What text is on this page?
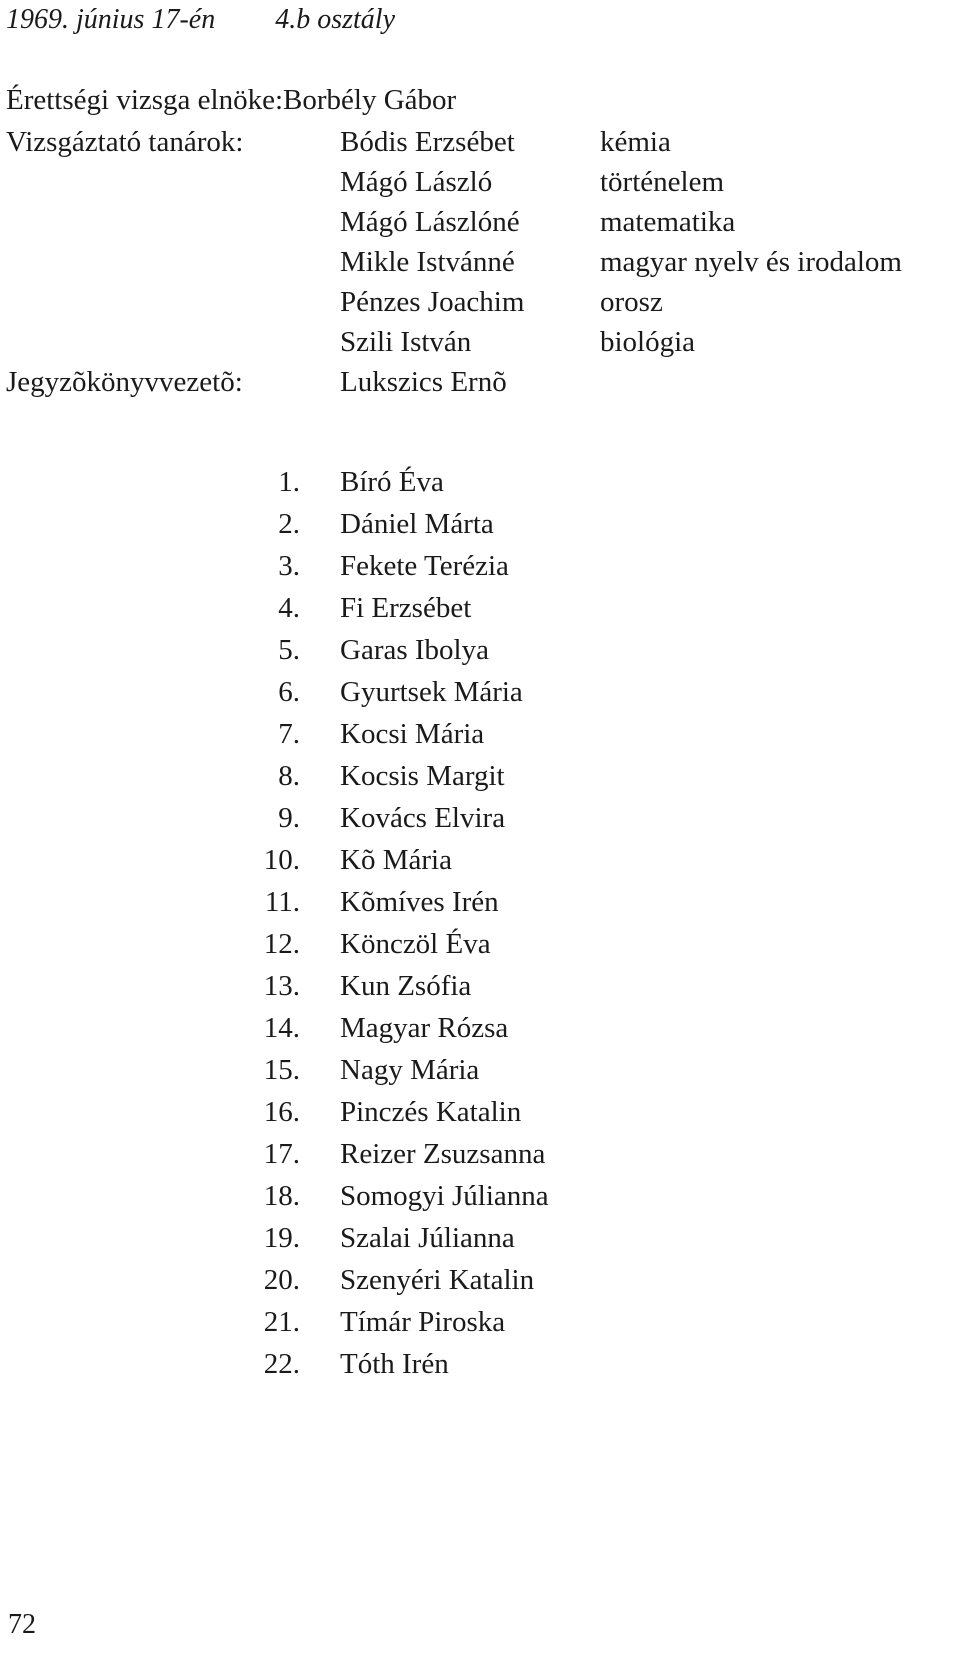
1969. június 17-én 4.b osztály
Érettségi vizsga elnöke:Borbély Gábor
Vizsgáztató tanárok:	Bódis Erzsébet	kémia
Mágó László	történelem
Mágó Lászlóné	matematika
Mikle Istvánné	magyar nyelv és irodalom
Pénzes Joachim	orosz
Szili István	biológia
Jegyzõkönyvvezetõ:	Lukszics Ernõ
1. Bíró Éva
2. Dániel Márta
3. Fekete Terézia
4. Fi Erzsébet
5. Garas Ibolya
6. Gyurtsek Mária
7. Kocsi Mária
8. Kocsis Margit
9. Kovács Elvira
10. Kõ Mária
11. Kõmíves Irén
12. Könczöl Éva
13. Kun Zsófia
14. Magyar Rózsa
15. Nagy Mária
16. Pinczés Katalin
17. Reizer Zsuzsanna
18. Somogyi Júlianna
19. Szalai Júlianna
20. Szenyéri Katalin
21. Tímár Piroska
22. Tóth Irén
72
